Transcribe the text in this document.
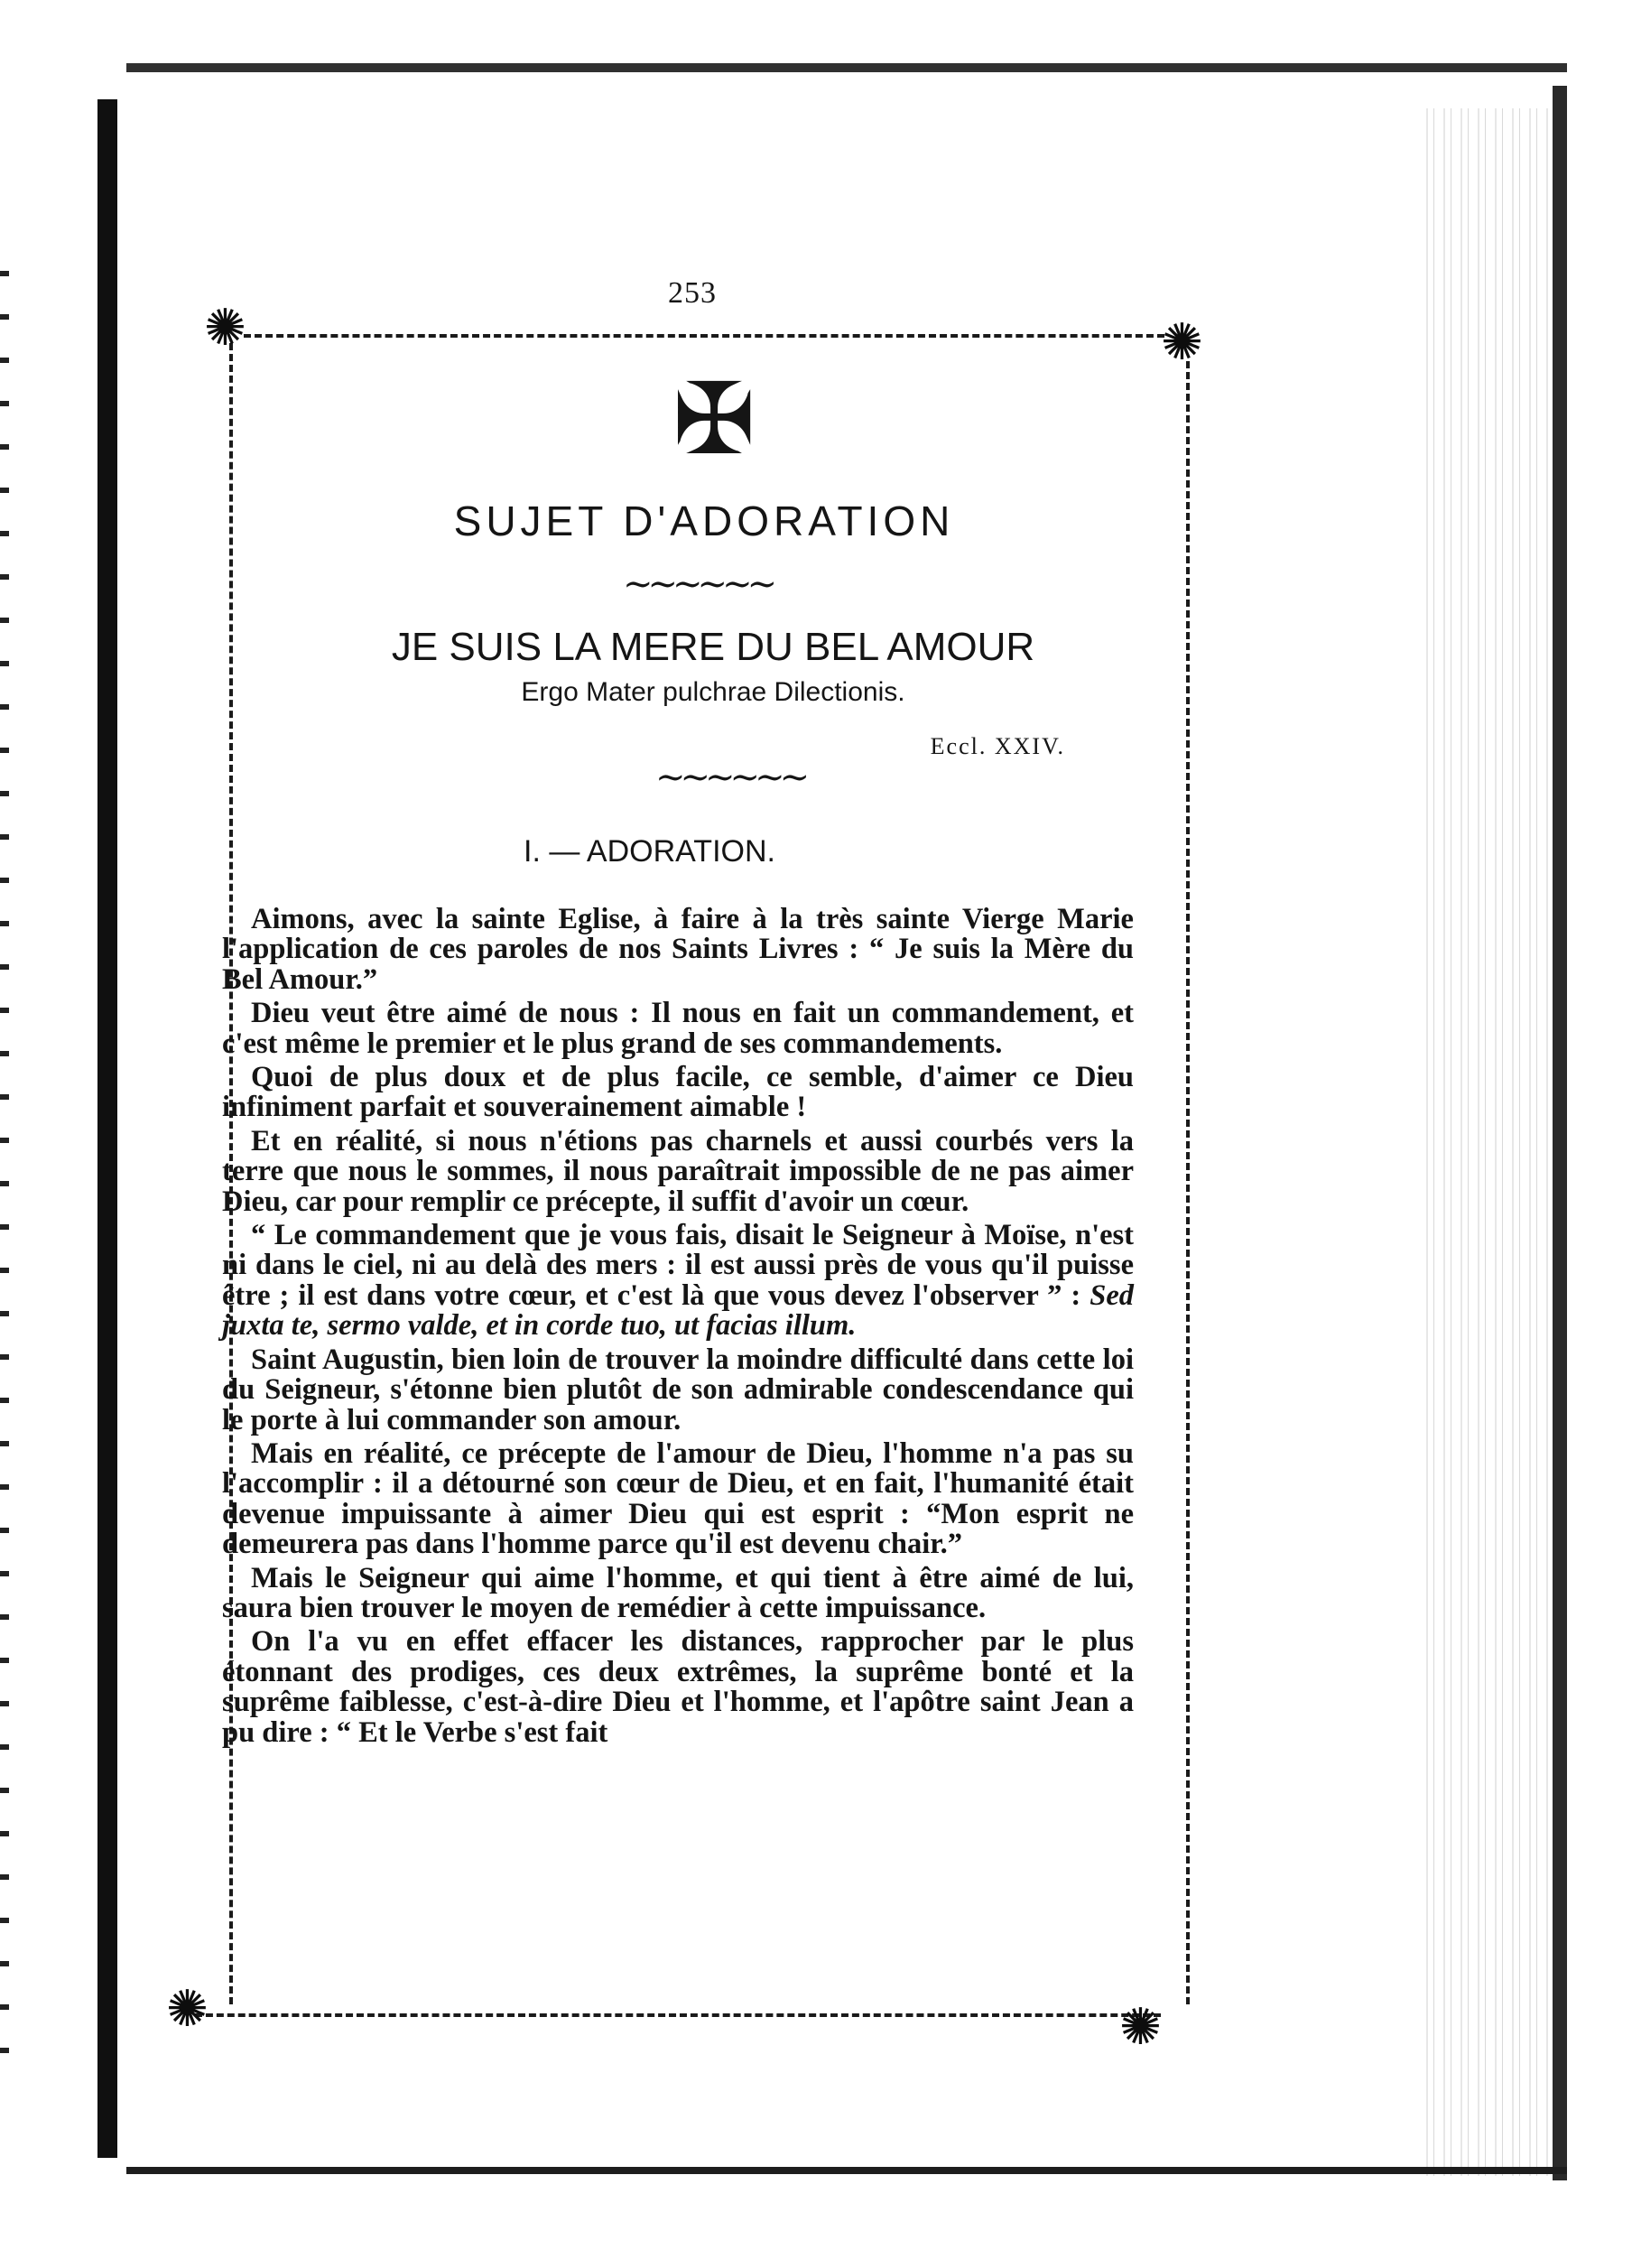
253
✺	✺
✺	✺
✠
SUJET D'ADORATION
∼∼∼∼∼∼
JE SUIS LA MERE DU BEL AMOUR
Ergo Mater pulchrae Dilectionis.
Eccl. XXIV.
∼∼∼∼∼∼
I. — ADORATION.

Aimons, avec la sainte Eglise, à faire à la très sainte Vierge Marie l'application de ces paroles de nos Saints Livres : “ Je suis la Mère du Bel Amour.”

Dieu veut être aimé de nous : Il nous en fait un commandement, et c'est même le premier et le plus grand de ses commandements.

Quoi de plus doux et de plus facile, ce semble, d'aimer ce Dieu infiniment parfait et souverainement aimable !

Et en réalité, si nous n'étions pas charnels et aussi courbés vers la terre que nous le sommes, il nous paraîtrait impossible de ne pas aimer Dieu, car pour remplir ce précepte, il suffit d'avoir un cœur.

“ Le commandement que je vous fais, disait le Seigneur à Moïse, n'est ni dans le ciel, ni au delà des mers : il est aussi près de vous qu'il puisse être ; il est dans votre cœur, et c'est là que vous devez l'observer ” : Sed juxta te, sermo valde, et in corde tuo, ut facias illum.

Saint Augustin, bien loin de trouver la moindre difficulté dans cette loi du Seigneur, s'étonne bien plutôt de son admirable condescendance qui le porte à lui commander son amour.

Mais en réalité, ce précepte de l'amour de Dieu, l'homme n'a pas su l'accomplir : il a détourné son cœur de Dieu, et en fait, l'humanité était devenue impuissante à aimer Dieu qui est esprit : “Mon esprit ne demeurera pas dans l'homme parce qu'il est devenu chair.”

Mais le Seigneur qui aime l'homme, et qui tient à être aimé de lui, saura bien trouver le moyen de remédier à cette impuissance.

On l'a vu en effet effacer les distances, rapprocher par le plus étonnant des prodiges, ces deux extrêmes, la suprême bonté et la suprême faiblesse, c'est-à-dire Dieu et l'homme, et l'apôtre saint Jean a pu dire : “ Et le Verbe s'est fait
